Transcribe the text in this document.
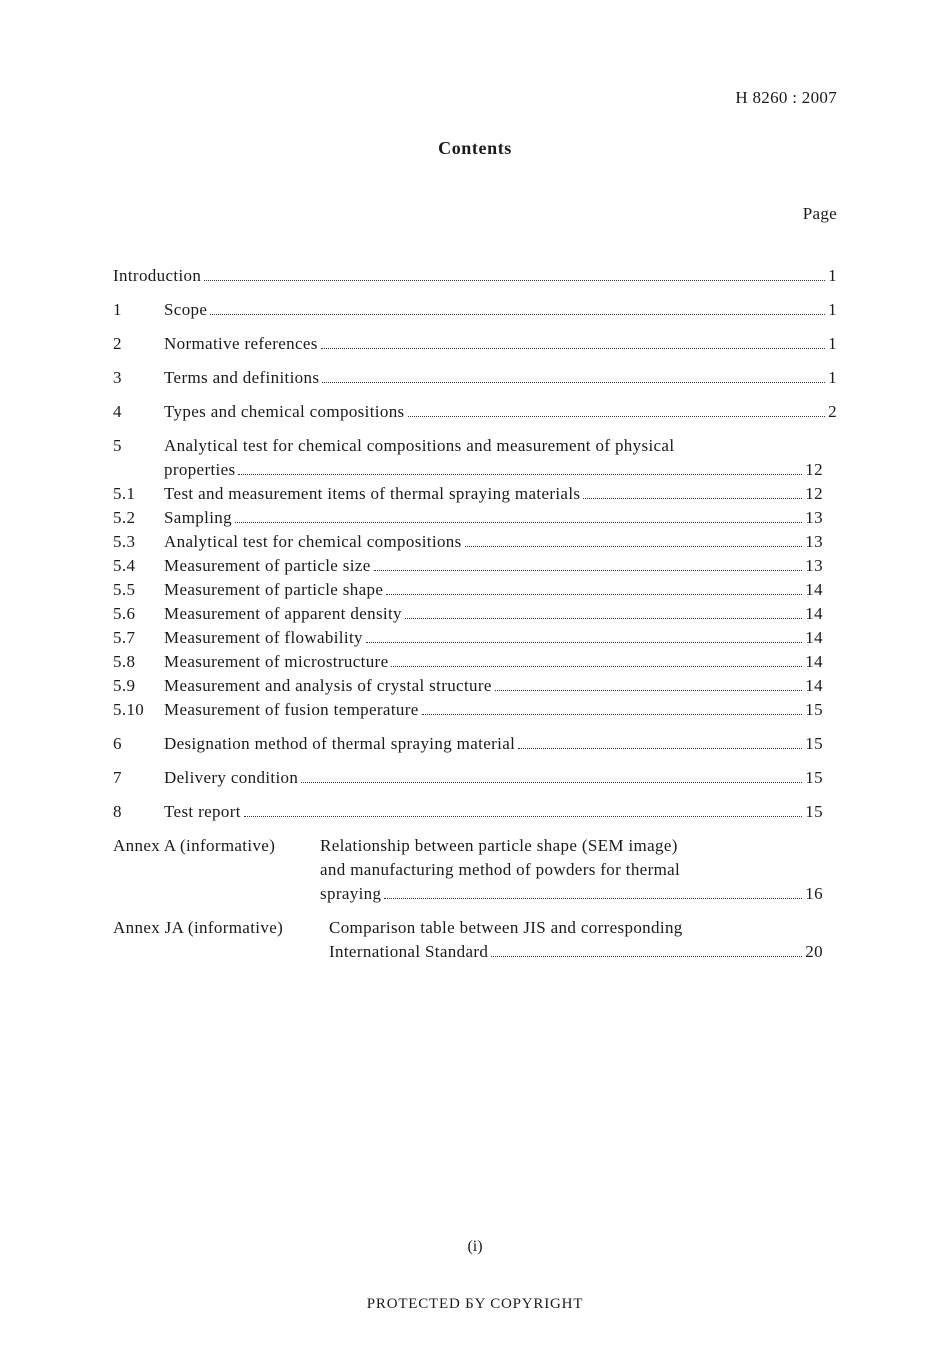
H 8260 : 2007
Contents
Page
Introduction	1
1	Scope	1
2	Normative references	1
3	Terms and definitions	1
4	Types and chemical compositions	2
5	Analytical test for chemical compositions and measurement of physical
properties	12
5.1	Test and measurement items of thermal spraying materials	12
5.2	Sampling	13
5.3	Analytical test for chemical compositions	13
5.4	Measurement of particle size	13
5.5	Measurement of particle shape	14
5.6	Measurement of apparent density	14
5.7	Measurement of flowability	14
5.8	Measurement of microstructure	14
5.9	Measurement and analysis of crystal structure	14
5.10	Measurement of fusion temperature	15
6	Designation method of thermal spraying material	15
7	Delivery condition	15
8	Test report	15
Annex A (informative)	Relationship between particle shape (SEM image)
and manufacturing method of powders for thermal
spraying	16
Annex JA (informative)	Comparison table between JIS and corresponding
International Standard	20
(i)
PROTECTED БY COPYRIGHT
